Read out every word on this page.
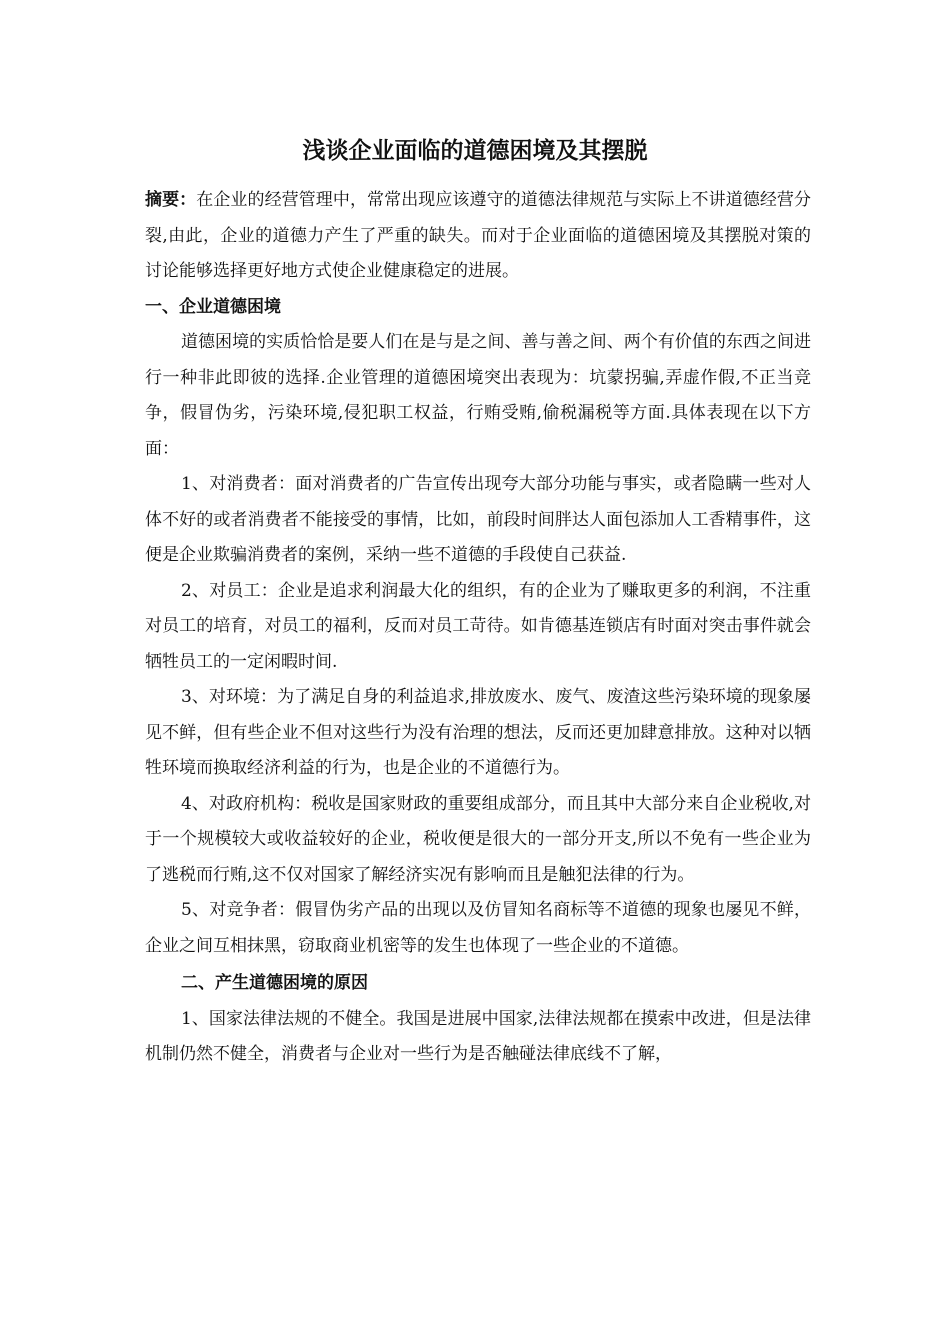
浅谈企业面临的道德困境及其摆脱

摘要：在企业的经营管理中，常常出现应该遵守的道德法律规范与实际上不讲道德经营分裂,由此，企业的道德力产生了严重的缺失。而对于企业面临的道德困境及其摆脱对策的讨论能够选择更好地方式使企业健康稳定的进展。

一、企业道德困境

道德困境的实质恰恰是要人们在是与是之间、善与善之间、两个有价值的东西之间进行一种非此即彼的选择.企业管理的道德困境突出表现为：坑蒙拐骗,弄虚作假,不正当竞争，假冒伪劣，污染环境,侵犯职工权益，行贿受贿,偷税漏税等方面.具体表现在以下方面：

1、对消费者：面对消费者的广告宣传出现夸大部分功能与事实，或者隐瞒一些对人体不好的或者消费者不能接受的事情，比如，前段时间胖达人面包添加人工香精事件，这便是企业欺骗消费者的案例，采纳一些不道德的手段使自己获益.

2、对员工：企业是追求利润最大化的组织，有的企业为了赚取更多的利润，不注重对员工的培育，对员工的福利，反而对员工苛待。如肯德基连锁店有时面对突击事件就会牺牲员工的一定闲暇时间.

3、对环境：为了满足自身的利益追求,排放废水、废气、废渣这些污染环境的现象屡见不鲜，但有些企业不但对这些行为没有治理的想法，反而还更加肆意排放。这种对以牺牲环境而换取经济利益的行为，也是企业的不道德行为。

4、对政府机构：税收是国家财政的重要组成部分，而且其中大部分来自企业税收,对于一个规模较大或收益较好的企业，税收便是很大的一部分开支,所以不免有一些企业为了逃税而行贿,这不仅对国家了解经济实况有影响而且是触犯法律的行为。

5、对竞争者：假冒伪劣产品的出现以及仿冒知名商标等不道德的现象也屡见不鲜，企业之间互相抹黑，窃取商业机密等的发生也体现了一些企业的不道德。

二、产生道德困境的原因

1、国家法律法规的不健全。我国是进展中国家,法律法规都在摸索中改进，但是法律机制仍然不健全，消费者与企业对一些行为是否触碰法律底线不了解，
